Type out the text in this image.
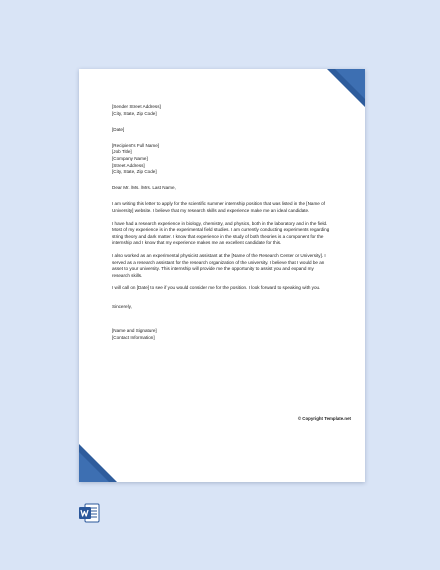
[Sender Street Address]
[City, State, Zip Code]
[Date]
[Recipient's Full Name]
[Job Title]
[Company Name]
[Street Address]
[City, State, Zip Code]
Dear Mr. /Ms. /Mrs. Last Name,
I am writing this letter to apply for the scientific summer internship position that was listed in the [Name of University] website. I believe that my research skills and experience make me an ideal candidate.
I have had a research experience in biology, chemistry, and physics, both in the laboratory and in the field. Most of my experience is in the experimental field studies. I am currently conducting experiments regarding string theory and dark matter. I know that experience in the study of both theories is a component for the internship and I know that my experience makes me an excellent candidate for this.
I also worked as an experimental physicist assistant at the [Name of the Research Center or University]. I served as a research assistant for the research organization of the university. I believe that I would be an asset to your university. This internship will provide me the opportunity to assist you and expand my research skills.
I will call on [Date] to see if you would consider me for the position. I look forward to speaking with you.
Sincerely,
[Name and Signature]
[Contact Information]
© Copyright Template.net
